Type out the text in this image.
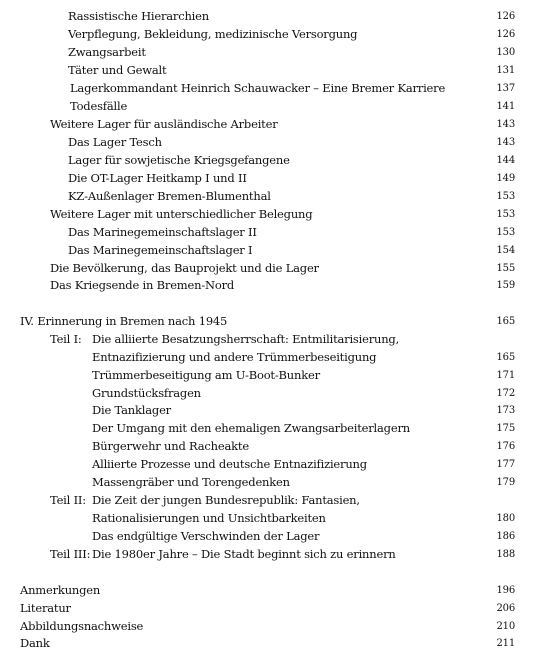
Rassistische Hierarchien	126
Verpflegung, Bekleidung, medizinische Versorgung	126
Zwangsarbeit	130
Täter und Gewalt	131
Lagerkommandant Heinrich Schauwacker – Eine Bremer Karriere	137
Todesfälle	141
Weitere Lager für ausländische Arbeiter	143
Das Lager Tesch	143
Lager für sowjetische Kriegsgefangene	144
Die OT-Lager Heitkamp I und II	149
KZ-Außenlager Bremen-Blumenthal	153
Weitere Lager mit unterschiedlicher Belegung	153
Das Marinegemeinschaftslager II	153
Das Marinegemeinschaftslager I	154
Die Bevölkerung, das Bauprojekt und die Lager	155
Das Kriegsende in Bremen-Nord	159
IV. Erinnerung in Bremen nach 1945	165
Teil I: Die alliierte Besatzungsherrschaft: Entmilitarisierung,
Entnazifizierung und andere Trümmerbeseitigung	165
Trümmerbeseitigung am U-Boot-Bunker	171
Grundstücksfragen	172
Die Tanklager	173
Der Umgang mit den ehemaligen Zwangsarbeiterlagern	175
Bürgerwehr und Racheakte	176
Alliierte Prozesse und deutsche Entnazifizierung	177
Massengräber und Torengedenken	179
Teil II: Die Zeit der jungen Bundesrepublik: Fantasien,
Rationalisierungen und Unsichtbarkeiten	180
Das endgültige Verschwinden der Lager	186
Teil III: Die 1980er Jahre – Die Stadt beginnt sich zu erinnern	188
Anmerkungen	196
Literatur	206
Abbildungsnachweise	210
Dank	211
